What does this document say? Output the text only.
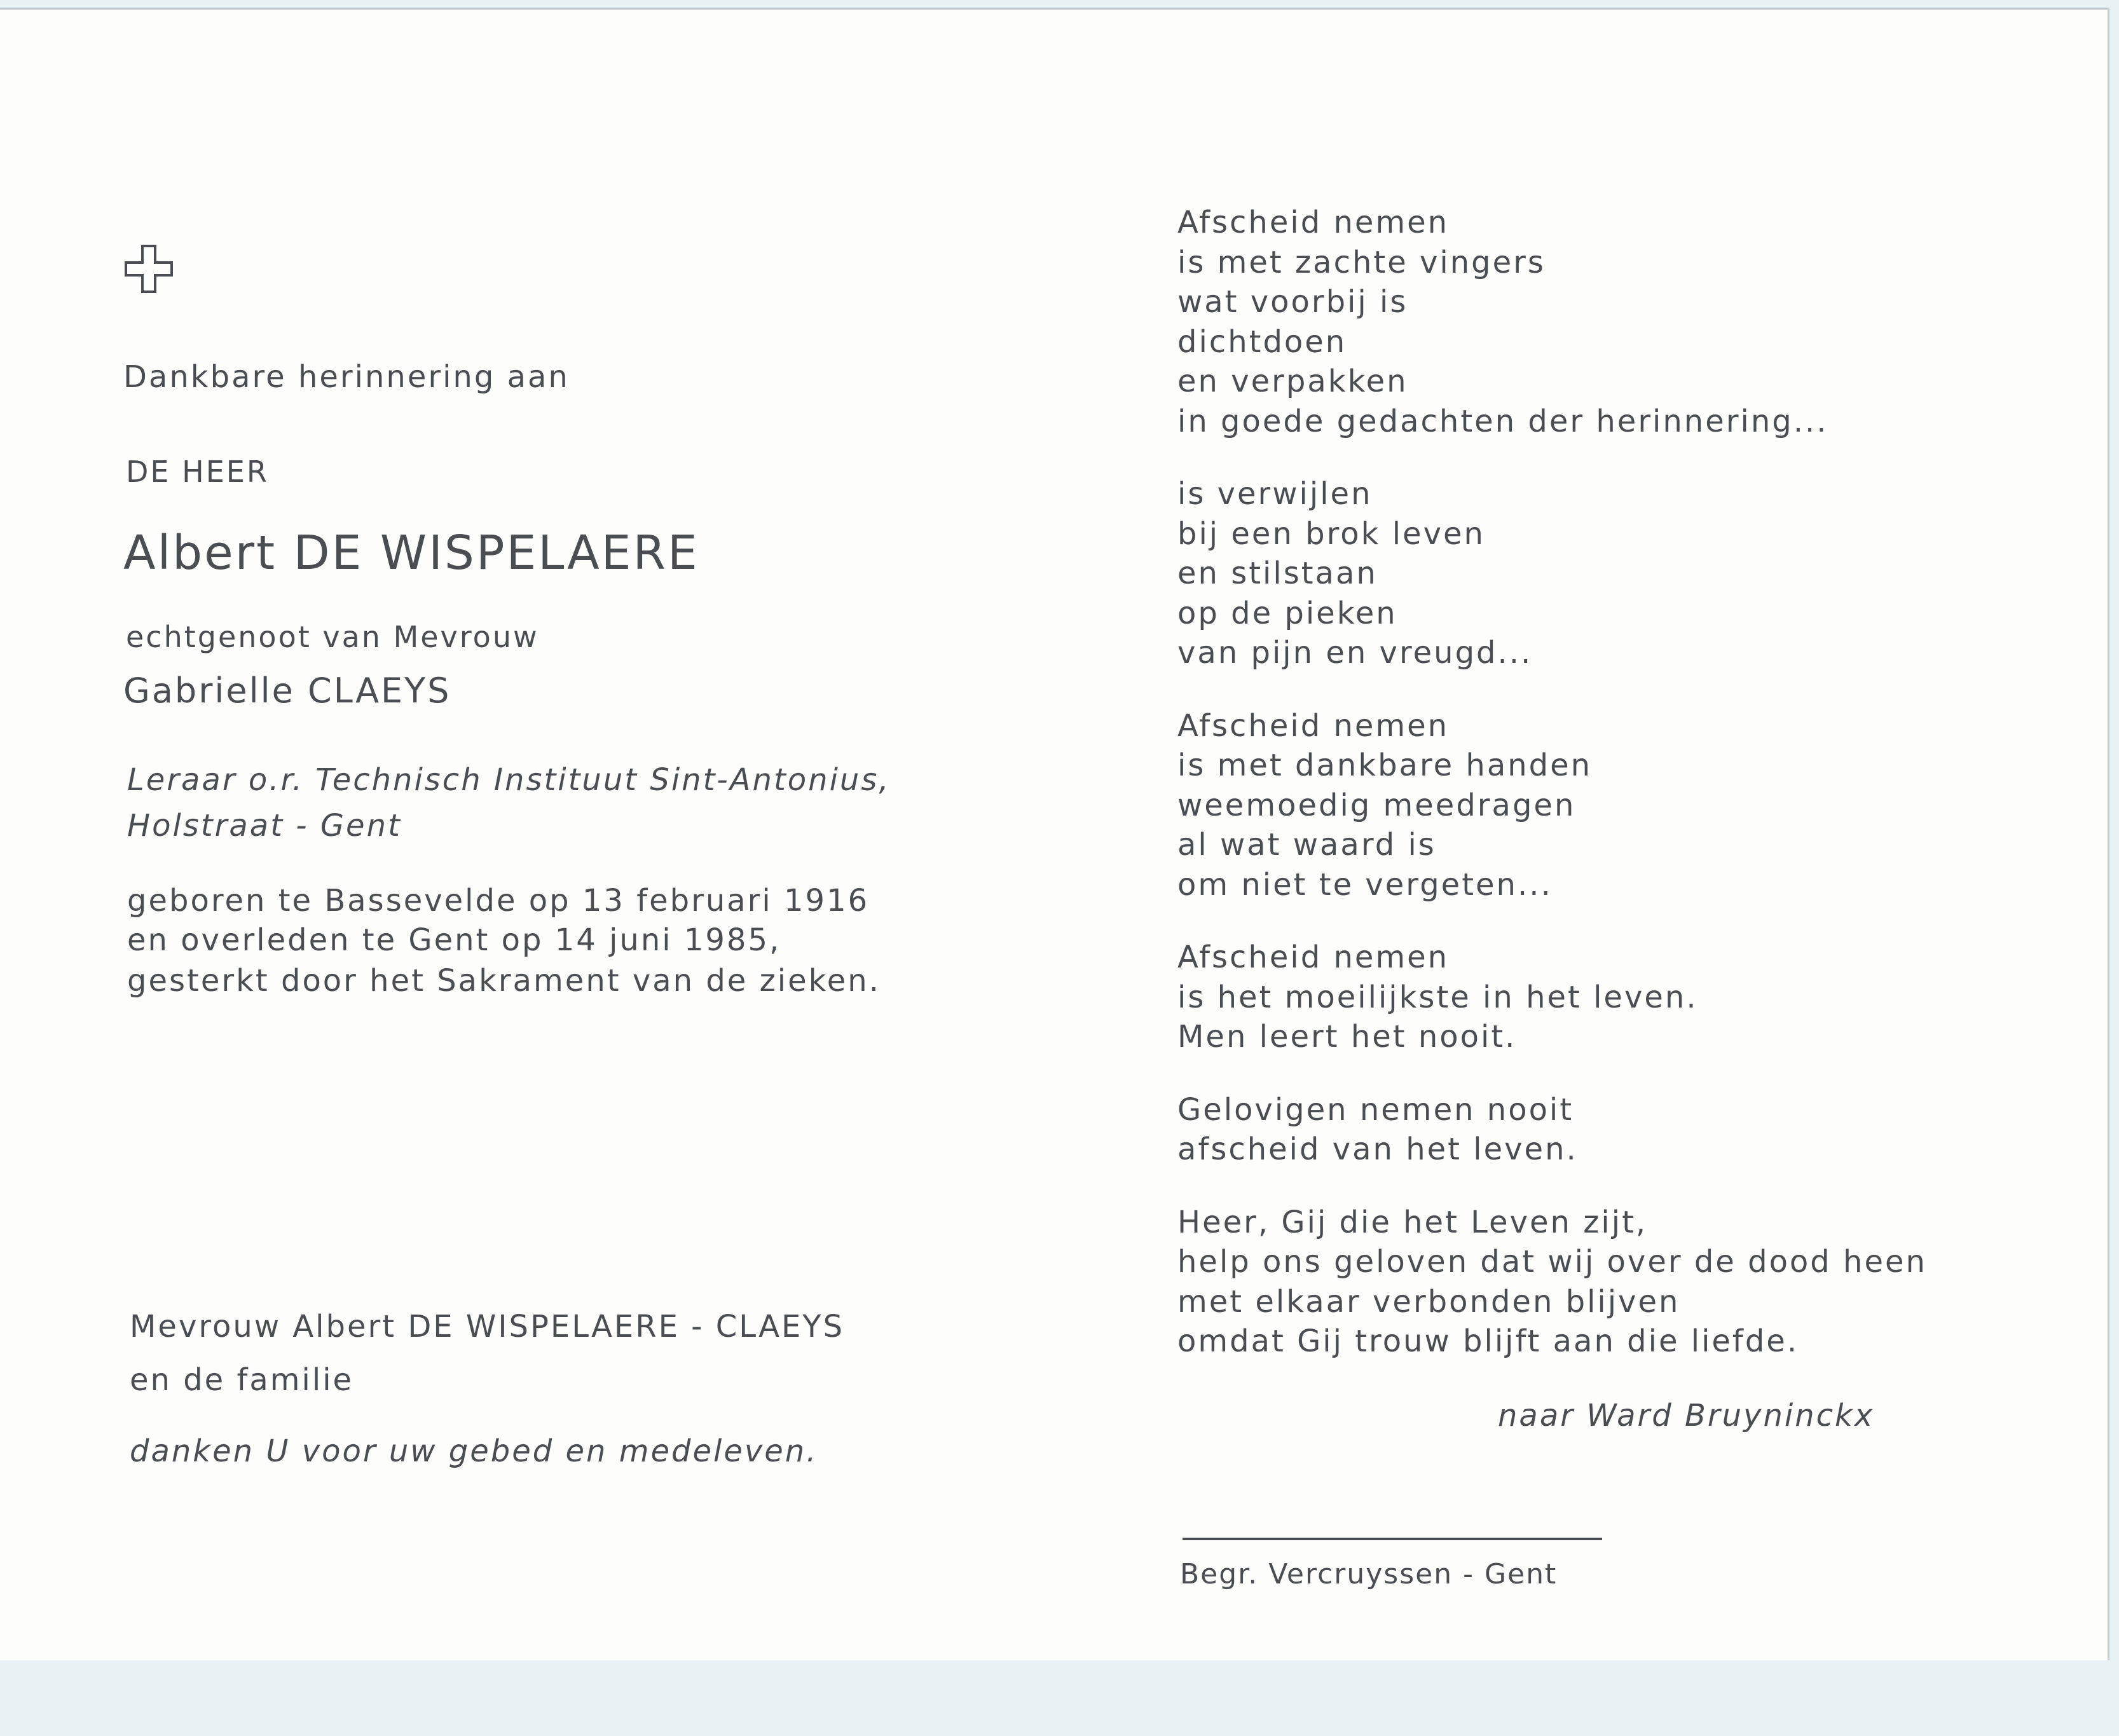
Dankbare herinnering aan

DE HEER

Albert DE WISPELAERE

echtgenoot van Mevrouw

Gabrielle CLAEYS

Leraar o.r. Technisch Instituut Sint-Antonius,

Holstraat - Gent

geboren te Bassevelde op 13 februari 1916

en overleden te Gent op 14 juni 1985,

gesterkt door het Sakrament van de zieken.

Mevrouw Albert DE WISPELAERE - CLAEYS

en de familie

danken U voor uw gebed en medeleven.

Afscheid nemen
is met zachte vingers
wat voorbij is
dichtdoen
en verpakken
in goede gedachten der herinnering...
is verwijlen
bij een brok leven
en stilstaan
op de pieken
van pijn en vreugd...
Afscheid nemen
is met dankbare handen
weemoedig meedragen
al wat waard is
om niet te vergeten...
Afscheid nemen
is het moeilijkste in het leven.
Men leert het nooit.
Gelovigen nemen nooit
afscheid van het leven.
Heer, Gij die het Leven zijt,
help ons geloven dat wij over de dood heen
met elkaar verbonden blijven
omdat Gij trouw blijft aan die liefde.

naar Ward Bruyninckx

Begr. Vercruyssen - Gent
